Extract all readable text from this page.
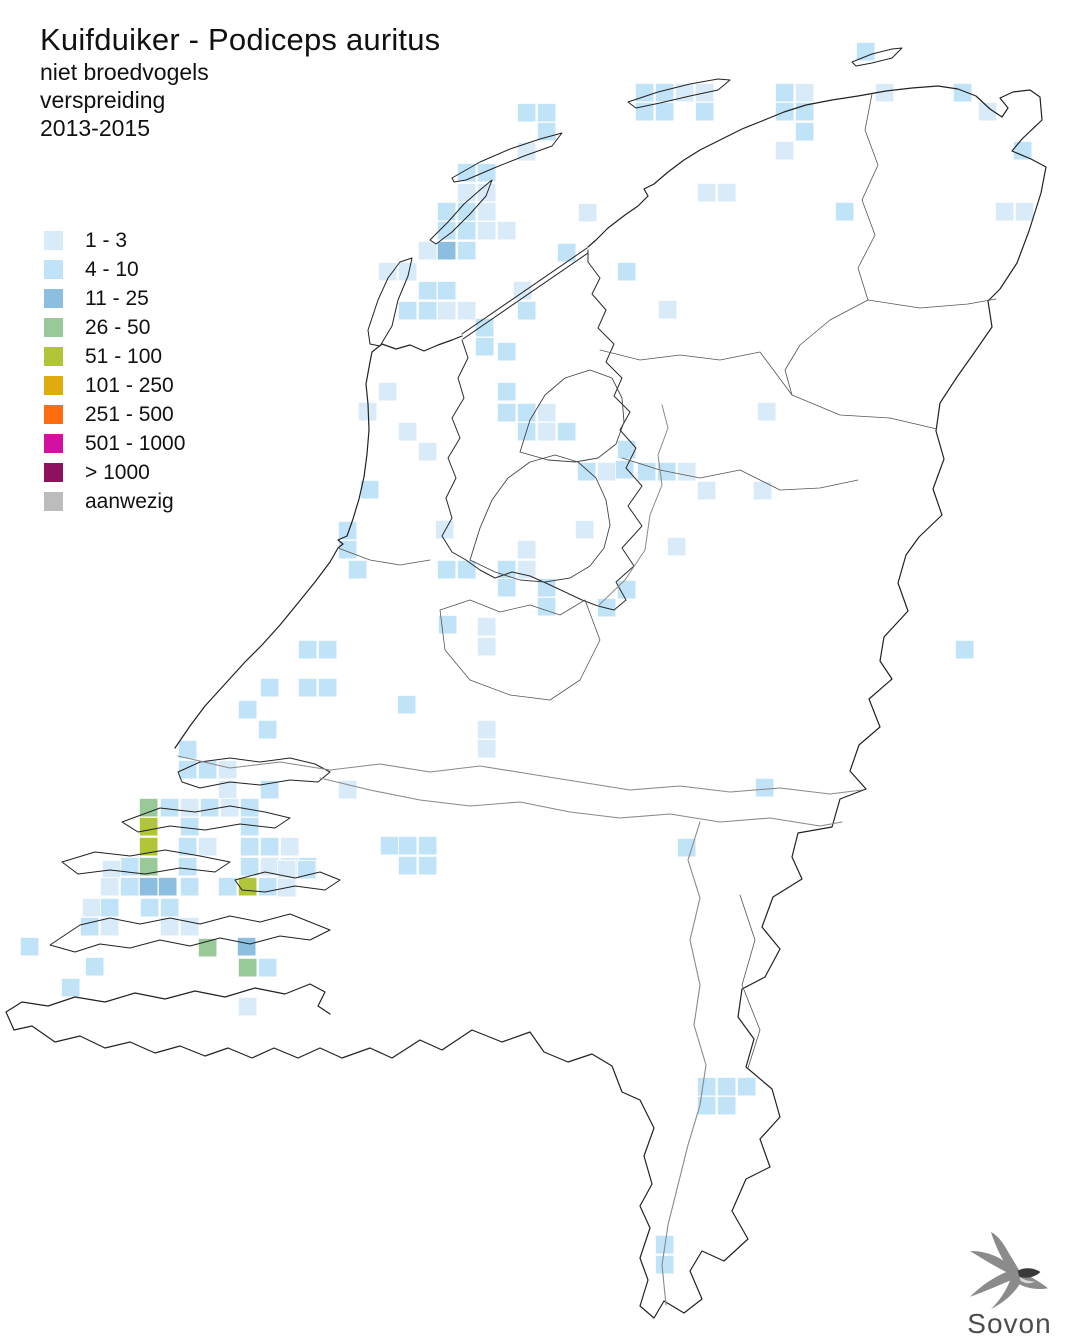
Kuifduiker - Podiceps auritus
niet broedvogels
verspreiding
2013-2015
1 - 3
4 - 10
11 - 25
26 - 50
51 - 100
101 - 250
251 - 500
501 - 1000
> 1000
aanwezig
Sovon
